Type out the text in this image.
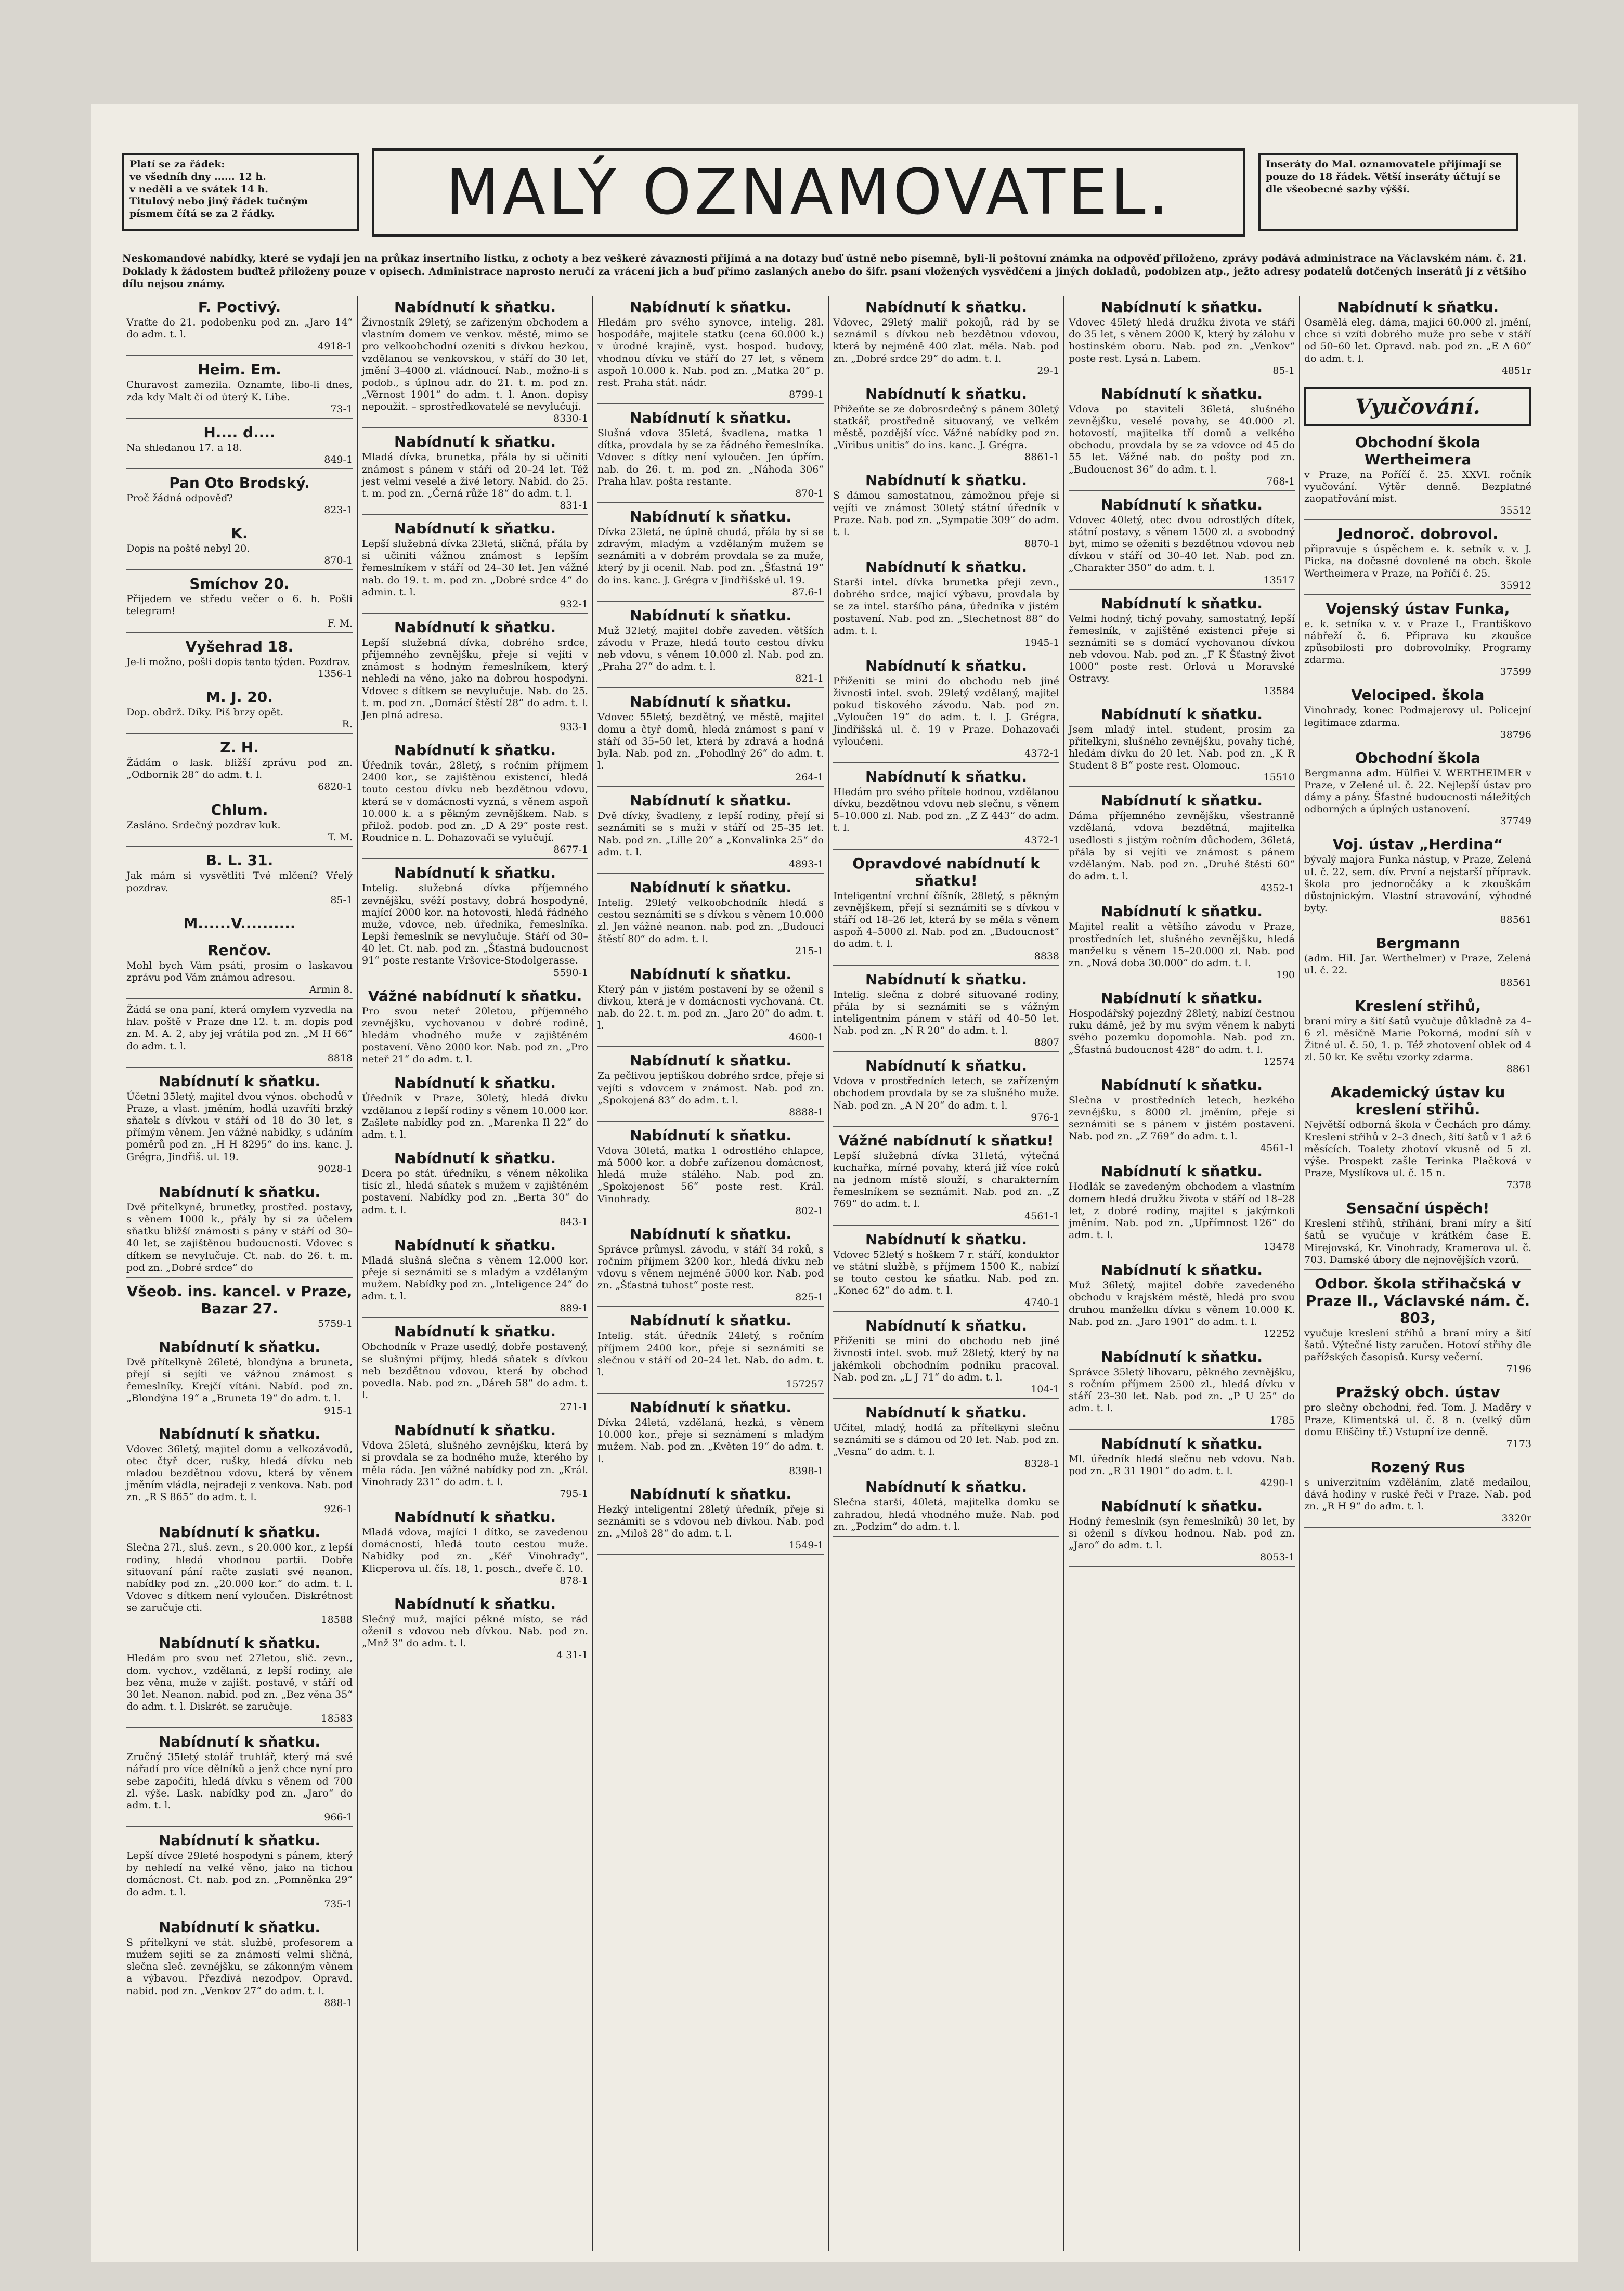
Platí se za řádek:
ve všedníh dny ...... 12 h.
v neděli a ve svátek 14 h.
Titulový nebo jiný řádek tučným písmem čítá se za 2 řádky.	MALÝ OZNAMOVATEL.	Inseráty do Mal. oznamovatele přijímají se pouze do 18 řádek. Větší inseráty účtují se dle všeobecné sazby výšší.
Neskomandové nabídky, které se vydají jen na průkaz insertního lístku, z ochoty a bez veškeré závaznosti přijímá a na dotazy buď ústně nebo písemně, byli-li poštovní známka na odpověď přiloženo, zprávy podává administrace na Václavském nám. č. 21. Doklady k žádostem buďtež přiloženy pouze v opisech. Administrace naprosto neručí za vrácení jich a buď přímo zaslaných anebo do šifr. psaní vložených vysvědčení a jiných dokladů, podobizen atp., ježto adresy podatelů dotčených inserátů jí z většího dílu nejsou známy.
F. Poctivý.
Vraťte do 21. podobenku pod zn. „Jaro 14“ do adm. t. l.
4918-1
Heim. Em.
Churavost zamezila. Oznamte, libo-li dnes, zda kdy Malt čí od úterý K. Libe.
73-1
H.... d....
Na shledanou 17. a 18.
849-1
Pan Oto Brodský.
Proč žádná odpověď?
823-1
K.
Dopis na poště nebyl 20.
870-1
Smíchov 20.
Přijedem ve středu večer o 6. h. Pošli telegram!
F. M.
Vyšehrad 18.
Je-li možno, pošli dopis tento týden. Pozdrav.
1356-1
M. J. 20.
Dop. obdrž. Díky. Piš brzy opět.
R.
Z. H.
Žádám o lask. bližší zprávu pod zn. „Odbornik 28“ do adm. t. l.
6820-1
Chlum.
Zasláno. Srdečný pozdrav kuk.
T. M.
B. L. 31.
Jak mám si vysvětliti Tvé mlčení? Vřelý pozdrav.
85-1
M......V..........
Renčov.
Mohl bych Vám psáti, prosím o laskavou zprávu pod Vám známou adresou.
Armin 8.
Žádá se ona paní, která omylem vyzvedla na hlav. poště v Praze dne 12. t. m. dopis pod zn. M. A. 2, aby jej vrátila pod zn. „M H 66“ do adm. t. l.
8818
Nabídnutí k sňatku.
Účetní 35letý, majitel dvou výnos. obchodů v Praze, a vlast. jměním, hodlá uzavříti brzký sňatek s dívkou v stáří od 18 do 30 let, s přímým věnem. Jen vážné nabídky, s udáním poměrů pod zn. „H H 8295“ do ins. kanc. J. Grégra, Jindřiš. ul. 19.
9028-1
Nabídnutí k sňatku.
Dvě přítelkyně, brunetky, prostřed. postavy, s věnem 1000 k., přály by si za účelem sňatku bližší známosti s pány v stáří od 30–40 let, se zajištěnou budoucností. Vdovec s dítkem se nevylučuje. Ct. nab. do 26. t. m. pod zn. „Dobré srdce“ do
Všeob. ins. kancel. v Praze, Bazar 27.
5759-1
Nabídnutí k sňatku.
Dvě přítelkyně 26leté, blondýna a bruneta, přejí si sejíti ve vážnou známost s řemeslníky. Krejčí vítáni. Nabíd. pod zn. „Blondýna 19“ a „Bruneta 19“ do adm. t. l.
915-1
Nabídnutí k sňatku.
Vdovec 36letý, majitel domu a velkozávodů, otec čtyř dcer, rušky, hledá dívku neb mladou bezdětnou vdovu, která by věnem jměním vládla, nejradeji z venkova. Nab. pod zn. „R S 865“ do adm. t. l.
926-1
Nabídnutí k sňatku.
Slečna 27l., sluš. zevn., s 20.000 kor., z lepší rodiny, hledá vhodnou partii. Dobře situovaní pání račte zaslati své neanon. nabídky pod zn. „20.000 kor.“ do adm. t. l. Vdovec s dítkem není vyloučen. Diskrétnost se zaručuje cti.
18588
Nabídnutí k sňatku.
Hledám pro svou neť 27letou, slič. zevn., dom. vychov., vzdělaná, z lepší rodiny, ale bez věna, muže v zajišt. postavě, v stáří od 30 let. Neanon. nabíd. pod zn. „Bez věna 35“ do adm. t. l. Diskrét. se zaručuje.
18583
Nabídnutí k sňatku.
Zručný 35letý stolář truhlář, který má své nářadí pro více dělníků a jenž chce nyní pro sebe započíti, hledá dívku s věnem od 700 zl. výše. Lask. nabídky pod zn. „Jaro“ do adm. t. l.
966-1
Nabídnutí k sňatku.
Lepší dívce 29leté hospodyni s pánem, který by nehledí na velké věno, jako na tichou domácnost. Ct. nab. pod zn. „Pomněnka 29“ do adm. t. l.
735-1
Nabídnutí k sňatku.
S přítelkyní ve stát. službě, profesorem a mužem sejiti se za známostí velmi sličná, slečna sleč. zevnějšku, se zákonným věnem a výbavou. Přezdívá nezodpov. Opravd. nabid. pod zn. „Venkov 27“ do adm. t. l.
888-1
Nabídnutí k sňatku.
Živnostník 29letý, se zařízeným obchodem a vlastním domem ve venkov. městě, mimo se pro velkoobchodní ozeniti s dívkou hezkou, vzdělanou se venkovskou, v stáří do 30 let, jmění 3–4000 zl. vládnoucí. Nab., možno-li s podob., s úplnou adr. do 21. t. m. pod zn. „Věrnost 1901“ do adm. t. l. Anon. dopisy nepoužit. – sprostředkovatelé se nevylučují.
8330-1
Nabídnutí k sňatku.
Mladá dívka, brunetka, přála by si učiniti známost s pánem v stáří od 20–24 let. Též jest velmi veselé a živé letory. Nabíd. do 25. t. m. pod zn. „Černá růže 18“ do adm. t. l.
831-1
Nabídnutí k sňatku.
Lepší služebná dívka 23letá, sličná, přála by si učiniti vážnou známost s lepším řemeslníkem v stáří od 24–30 let. Jen vážné nab. do 19. t. m. pod zn. „Dobré srdce 4“ do admin. t. l.
932-1
Nabídnutí k sňatku.
Lepší služebná dívka, dobrého srdce, příjemného zevnějšku, přeje si vejíti v známost s hodným řemeslníkem, který nehledí na věno, jako na dobrou hospodyni. Vdovec s dítkem se nevylučuje. Nab. do 25. t. m. pod zn. „Domácí štěstí 28“ do adm. t. l. Jen plná adresa.
933-1
Nabídnutí k sňatku.
Úředník továr., 28letý, s ročním příjmem 2400 kor., se zajištěnou existencí, hledá touto cestou dívku neb bezdětnou vdovu, která se v domácnosti vyzná, s věnem aspoň 10.000 k. a s pěkným zevnějškem. Nab. s přilož. podob. pod zn. „D A 29“ poste rest. Roudnice n. L. Dohazovači se vylučují.
8677-1
Nabídnutí k sňatku.
Intelig. služebná dívka příjemného zevnějšku, svěží postavy, dobrá hospodyně, mající 2000 kor. na hotovosti, hledá řádného muže, vdovce, neb. úředníka, řemeslníka. Lepší řemeslník se nevylučuje. Stáří od 30–40 let. Ct. nab. pod zn. „Šťastná budoucnost 91“ poste restante Vršovice-Stodolgerasse.
5590-1
Vážné nabídnutí k sňatku.
Pro svou neteř 20letou, příjemného zevnějšku, vychovanou v dobré rodině, hledám vhodného muže v zajištěném postavení. Věno 2000 kor. Nab. pod zn. „Pro neteř 21“ do adm. t. l.
Nabídnutí k sňatku.
Úředník v Praze, 30letý, hledá dívku vzdělanou z lepší rodiny s věnem 10.000 kor. Zašlete nabídky pod zn. „Marenka Il 22“ do adm. t. l.
Nabídnutí k sňatku.
Dcera po stát. úředníku, s věnem několika tisíc zl., hledá sňatek s mužem v zajištěném postavení. Nabídky pod zn. „Berta 30“ do adm. t. l.
843-1
Nabídnutí k sňatku.
Mladá slušná slečna s věnem 12.000 kor. přeje si seznámiti se s mladým a vzdělaným mužem. Nabídky pod zn. „Inteligence 24“ do adm. t. l.
889-1
Nabídnutí k sňatku.
Obchodník v Praze usedlý, dobře postavený, se slušnými příjmy, hledá sňatek s dívkou neb bezdětnou vdovou, která by obchod povedla. Nab. pod zn. „Dáreh 58“ do adm. t. l.
271-1
Nabídnutí k sňatku.
Vdova 25letá, slušného zevnějšku, která by si provdala se za hodného muže, kterého by měla ráda. Jen vážné nabídky pod zn. „Král. Vinohrady 231“ do adm. t. l.
795-1
Nabídnutí k sňatku.
Mladá vdova, mající 1 dítko, se zavedenou domácností, hledá touto cestou muže. Nabídky pod zn. „Kéř Vinohrady“, Klicperova ul. čís. 18, 1. posch., dveře č. 10.
878-1
Nabídnutí k sňatku.
Slečný muž, mající pěkné místo, se rád oženil s vdovou neb dívkou. Nab. pod zn. „Mnž 3“ do adm. t. l.
4 31-1
Nabídnutí k sňatku.
Hledám pro svého synovce, intelig. 28l. hospodáře, majitele statku (cena 60.000 k.) v úrodné krajině, vyst. hospod. budovy, vhodnou dívku ve stáří do 27 let, s věnem aspoň 10.000 k. Nab. pod zn. „Matka 20“ p. rest. Praha stát. nádr.
8799-1
Nabídnutí k sňatku.
Slušná vdova 35letá, švadlena, matka 1 dítka, provdala by se za řádného řemeslníka. Vdovec s dítky není vyloučen. Jen úpřím. nab. do 26. t. m. pod zn. „Náhoda 306“ Praha hlav. pošta restante.
870-1
Nabídnutí k sňatku.
Dívka 23letá, ne úplně chudá, přála by si se zdravým, mladým a vzdělaným mužem se seznámiti a v dobrém provdala se za muže, který by ji ocenil. Nab. pod zn. „Šťastná 19“ do ins. kanc. J. Grégra v Jindřišské ul. 19.
87.6-1
Nabídnutí k sňatku.
Muž 32letý, majitel dobře zaveden. větších závodu v Praze, hledá touto cestou dívku neb vdovu, s věnem 10.000 zl. Nab. pod zn. „Praha 27“ do adm. t. l.
821-1
Nabídnutí k sňatku.
Vdovec 55letý, bezdětný, ve městě, majitel domu a čtyř domů, hledá známost s paní v stáří od 35–50 let, která by zdravá a hodná byla. Nab. pod zn. „Pohodlný 26“ do adm. t. l.
264-1
Nabídnutí k sňatku.
Dvě dívky, švadleny, z lepší rodiny, přejí si seznámiti se s muži v stáří od 25–35 let. Nab. pod zn. „Lille 20“ a „Konvalinka 25“ do adm. t. l.
4893-1
Nabídnutí k sňatku.
Intelig. 29letý velkoobchodník hledá s cestou seznámiti se s dívkou s věnem 10.000 zl. Jen vážné neanon. nab. pod zn. „Budoucí štěstí 80“ do adm. t. l.
215-1
Nabídnutí k sňatku.
Který pán v jistém postavení by se oženil s dívkou, která je v domácnosti vychovaná. Ct. nab. do 22. t. m. pod zn. „Jaro 20“ do adm. t. l.
4600-1
Nabídnutí k sňatku.
Za pečlivou jeptiškou dobrého srdce, přeje si vejíti s vdovcem v známost. Nab. pod zn. „Spokojená 83“ do adm. t. l.
8888-1
Nabídnutí k sňatku.
Vdova 30letá, matka 1 odrostlého chlapce, má 5000 kor. a dobře zařízenou domácnost, hledá muže stálého. Nab. pod zn. „Spokojenost 56“ poste rest. Král. Vinohrady.
802-1
Nabídnutí k sňatku.
Správce průmysl. závodu, v stáří 34 roků, s ročním příjmem 3200 kor., hledá dívku neb vdovu s věnem nejméně 5000 kor. Nab. pod zn. „Šťastná tuhost“ poste rest.
825-1
Nabídnutí k sňatku.
Intelig. stát. úředník 24letý, s ročním příjmem 2400 kor., přeje si seznámiti se slečnou v stáří od 20–24 let. Nab. do adm. t. l.
157257
Nabídnutí k sňatku.
Dívka 24letá, vzdělaná, hezká, s věnem 10.000 kor., přeje si seznámení s mladým mužem. Nab. pod zn. „Květen 19“ do adm. t. l.
8398-1
Nabídnutí k sňatku.
Hezký inteligentní 28letý úředník, přeje si seznámiti se s vdovou neb dívkou. Nab. pod zn. „Miloš 28“ do adm. t. l.
1549-1
Nabídnutí k sňatku.
Vdovec, 29letý malíř pokojů, rád by se seznámil s dívkou neb bezdětnou vdovou, která by nejméně 400 zlat. měla. Nab. pod zn. „Dobré srdce 29“ do adm. t. l.
29-1
Nabídnutí k sňatku.
Přižeňte se ze dobrosrdečný s pánem 30letý statkář, prostředně situovaný, ve velkém městě, pozdější vícc. Vážné nabídky pod zn. „Viribus unitis“ do ins. kanc. J. Grégra.
8861-1
Nabídnutí k sňatku.
S dámou samostatnou, zámožnou přeje si vejíti ve známost 30letý státní úředník v Praze. Nab. pod zn. „Sympatie 309“ do adm. t. l.
8870-1
Nabídnutí k sňatku.
Starší intel. dívka brunetka přejí zevn., dobrého srdce, mající výbavu, provdala by se za intel. staršího pána, úředníka v jistém postavení. Nab. pod zn. „Slechetnost 88“ do adm. t. l.
1945-1
Nabídnutí k sňatku.
Přiženiti se mini do obchodu neb jiné živnosti intel. svob. 29letý vzdělaný, majitel pokud tiskového závodu. Nab. pod zn. „Vyloučen 19“ do adm. t. l. J. Grégra, Jindřišská ul. č. 19 v Praze. Dohazovači vyloučeni.
4372-1
Nabídnutí k sňatku.
Hledám pro svého přítele hodnou, vzdělanou dívku, bezdětnou vdovu neb slečnu, s věnem 5–10.000 zl. Nab. pod zn. „Z Z 443“ do adm. t. l.
4372-1
Opravdové nabídnutí k sňatku!
Inteligentní vrchní číšník, 28letý, s pěkným zevnějškem, přejí si seznámiti se s dívkou v stáří od 18–26 let, která by se měla s věnem aspoň 4–5000 zl. Nab. pod zn. „Budoucnost“ do adm. t. l.
8838
Nabídnutí k sňatku.
Intelig. slečna z dobré situované rodiny, přála by si seznámiti se s vážným inteligentním pánem v stáří od 40–50 let. Nab. pod zn. „N R 20“ do adm. t. l.
8807
Nabídnutí k sňatku.
Vdova v prostředních letech, se zařízeným obchodem provdala by se za slušného muže. Nab. pod zn. „A N 20“ do adm. t. l.
976-1
Vážné nabídnutí k sňatku!
Lepší služebná dívka 31letá, výtečná kuchařka, mírné povahy, která již více roků na jednom místě slouží, s charakterním řemeslníkem se seznámit. Nab. pod zn. „Z 769“ do adm. t. l.
4561-1
Nabídnutí k sňatku.
Vdovec 52letý s hoškem 7 r. stáří, konduktor ve státní službě, s příjmem 1500 K., nabízí se touto cestou ke sňatku. Nab. pod zn. „Konec 62“ do adm. t. l.
4740-1
Nabídnutí k sňatku.
Přiženiti se mini do obchodu neb jiné živnosti intel. svob. muž 28letý, který by na jakémkoli obchodním podniku pracoval. Nab. pod zn. „L J 71“ do adm. t. l.
104-1
Nabídnutí k sňatku.
Učitel, mladý, hodlá za přítelkyni slečnu seznámiti se s dámou od 20 let. Nab. pod zn. „Vesna“ do adm. t. l.
8328-1
Nabídnutí k sňatku.
Slečna starší, 40letá, majitelka domku se zahradou, hledá vhodného muže. Nab. pod zn. „Podzim“ do adm. t. l.
Nabídnutí k sňatku.
Vdovec 45letý hledá družku života ve stáří do 35 let, s věnem 2000 K, který by zálohu v hostinském oboru. Nab. pod zn. „Venkov“ poste rest. Lysá n. Labem.
85-1
Nabídnutí k sňatku.
Vdova po staviteli 36letá, slušného zevnějšku, veselé povahy, se 40.000 zl. hotovostí, majitelka tří domů a velkého obchodu, provdala by se za vdovce od 45 do 55 let. Vážné nab. do pošty pod zn. „Budoucnost 36“ do adm. t. l.
768-1
Nabídnutí k sňatku.
Vdovec 40letý, otec dvou odrostlých dítek, státní postavy, s věnem 1500 zl. a svobodný byt, mimo se oženiti s bezdětnou vdovou neb dívkou v stáří od 30–40 let. Nab. pod zn. „Charakter 350“ do adm. t. l.
13517
Nabídnutí k sňatku.
Velmi hodný, tichý povahy, samostatný, lepší řemeslník, v zajištěné existenci přeje si seznámiti se s domácí vychovanou dívkou neb vdovou. Nab. pod zn. „F K Šťastný život 1000“ poste rest. Orlová u Moravské Ostravy.
13584
Nabídnutí k sňatku.
Jsem mladý intel. student, prosím za přítelkyni, slušného zevnějšku, povahy tiché, hledám dívku do 20 let. Nab. pod zn. „K R Student 8 B“ poste rest. Olomouc.
15510
Nabídnutí k sňatku.
Dáma příjemného zevnějšku, všestranně vzdělaná, vdova bezdětná, majitelka usedlosti s jistým ročním důchodem, 36letá, přála by si vejíti ve známost s pánem vzdělaným. Nab. pod zn. „Druhé štěstí 60“ do adm. t. l.
4352-1
Nabídnutí k sňatku.
Majitel realit a většího závodu v Praze, prostředních let, slušného zevnějšku, hledá manželku s věnem 15–20.000 zl. Nab. pod zn. „Nová doba 30.000“ do adm. t. l.
190
Nabídnutí k sňatku.
Hospodářský pojezdný 28letý, nabízí čestnou ruku dámě, jež by mu svým věnem k nabytí svého pozemku dopomohla. Nab. pod zn. „Šťastná budoucnost 428“ do adm. t. l.
12574
Nabídnutí k sňatku.
Slečna v prostředních letech, hezkého zevnějšku, s 8000 zl. jměním, přeje si seznámiti se s pánem v jistém postavení. Nab. pod zn. „Z 769“ do adm. t. l.
4561-1
Nabídnutí k sňatku.
Hodlák se zavedeným obchodem a vlastním domem hledá družku života v stáří od 18–28 let, z dobré rodiny, majitel s jakýmkoli jměním. Nab. pod zn. „Upřímnost 126“ do adm. t. l.
13478
Nabídnutí k sňatku.
Muž 36letý, majitel dobře zavedeného obchodu v krajském městě, hledá pro svou druhou manželku dívku s věnem 10.000 K. Nab. pod zn. „Jaro 1901“ do adm. t. l.
12252
Nabídnutí k sňatku.
Správce 35letý lihovaru, pěkného zevnějšku, s ročním příjmem 2500 zl., hledá dívku v stáří 23–30 let. Nab. pod zn. „P U 25“ do adm. t. l.
1785
Nabídnutí k sňatku.
Ml. úředník hledá slečnu neb vdovu. Nab. pod zn. „R 31 1901“ do adm. t. l.
4290-1
Nabídnutí k sňatku.
Hodný řemeslník (syn řemeslníků) 30 let, by si oženil s dívkou hodnou. Nab. pod zn. „Jaro“ do adm. t. l.
8053-1
Nabídnutí k sňatku.
Osamělá eleg. dáma, majíci 60.000 zl. jmění, chce si vzíti dobrého muže pro sebe v stáří od 50–60 let. Opravd. nab. pod zn. „E A 60“ do adm. t. l.
4851r
Vyučování.
Obchodní škola Wertheimera
v Praze, na Poříčí č. 25. XXVI. ročník vyučování. Výtěr denně. Bezplatné zaopatřování míst.
35512
Jednoroč. dobrovol.
připravuje s úspěchem e. k. setník v. v. J. Picka, na dočasné dovolené na obch. škole Wertheimera v Praze, na Poříčí č. 25.
35912
Vojenský ústav Funka,
e. k. setníka v. v. v Praze I., Františkovo nábřeží č. 6. Připrava ku zkoušce způsobilosti pro dobrovolníky. Programy zdarma.
37599
Velociped. škola
Vinohrady, konec Podmajerovy ul. Policejní legitimace zdarma.
38796
Obchodní škola
Bergmanna adm. Hülfiei V. WERTHEIMER v Praze, v Zelené ul. č. 22. Nejlepší ústav pro dámy a pány. Šťastné budoucnosti náležitých odborných a úplných ustanovení.
37749
Voj. ústav „Herdina“
bývalý majora Funka nástup, v Praze, Zelená ul. č. 22, sem. dív. První a nejstarší přípravk. škola pro jednoročáky a k zkouškám důstojnickým. Vlastní stravování, výhodné byty.
88561
Bergmann
(adm. Hil. Jar. Werthelmer) v Praze, Zelená ul. č. 22.
88561
Kreslení střihů,
braní míry a šití šatů vyučuje důkladně za 4–6 zl. měsíčně Marie Pokorná, modní síň v Žitné ul. č. 50, 1. p. Též zhotovení oblek od 4 zl. 50 kr. Ke světu vzorky zdarma.
8861
Akademický ústav ku kreslení střihů.
Největší odborná škola v Čechách pro dámy. Kreslení střihů v 2–3 dnech, šití šatů v 1 až 6 měsících. Toalety zhotoví vkusně od 5 zl. výše. Prospekt zašle Terinka Plačková v Praze, Myslíkova ul. č. 15 n.
7378
Sensační úspěch!
Kreslení střihů, stříhání, braní míry a šití šatů se vyučuje v krátkém čase E. Mirejovská, Kr. Vinohrady, Kramerova ul. č. 703. Damské úbory dle nejnovějších vzorů.
Odbor. škola střihačská v Praze II., Václavské nám. č. 803,
vyučuje kreslení střihů a braní míry a šití šatů. Výtečné listy zaručen. Hotoví střihy dle pařížských časopisů. Kursy večerní.
7196
Pražský obch. ústav
pro slečny obchodní, řed. Tom. J. Maděry v Praze, Klimentská ul. č. 8 n. (velký dům domu Eliščiny tř.) Vstupní ize denně.
7173
Rozený Rus
s univerzitním vzděláním, zlatě medailou, dává hodiny v ruské řeči v Praze. Nab. pod zn. „R H 9“ do adm. t. l.
3320r
